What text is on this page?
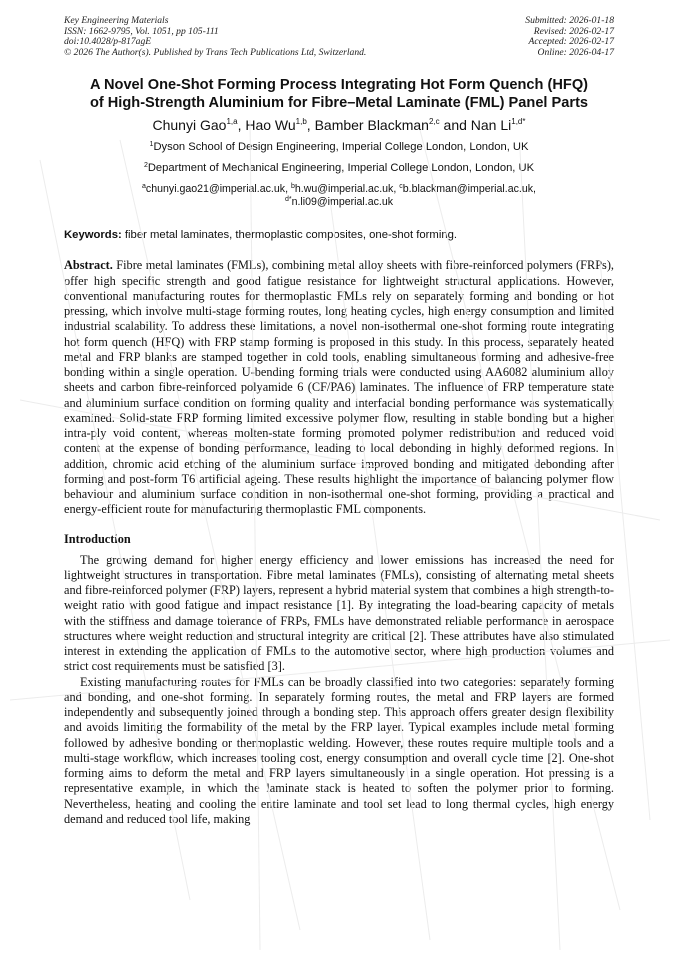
Key Engineering Materials
ISSN: 1662-9795, Vol. 1051, pp 105-111
doi:10.4028/p-817agE
© 2026 The Author(s). Published by Trans Tech Publications Ltd, Switzerland.
Submitted: 2026-01-18
Revised: 2026-02-17
Accepted: 2026-02-17
Online: 2026-04-17
A Novel One-Shot Forming Process Integrating Hot Form Quench (HFQ)
of High-Strength Aluminium for Fibre–Metal Laminate (FML) Panel Parts
Chunyi Gao$^{1,a}$, Hao Wu$^{1,b}$, Bamber Blackman$^{2,c}$ and Nan $Li^{1,d*}$
$^1$Dyson School of Design Engineering, Imperial College London, London, UK
$^2$Department of Mechanical Engineering, Imperial College London, London, UK
$^a$chunyi.gao21@imperial.ac.uk, $^b$h.wu@imperial.ac.uk, $^c$b.blackman@imperial.ac.uk,
$^{d*}$n.li09@imperial.ac.uk
Keywords: fiber metal laminates, thermoplastic composites, one-shot forming.
Abstract. Fibre metal laminates (FMLs), combining metal alloy sheets with fibre-reinforced polymers (FRPs), offer high specific strength and good fatigue resistance for lightweight structural applications. However, conventional manufacturing routes for thermoplastic FMLs rely on separately forming and bonding or hot pressing, which involve multi-stage forming routes, long heating cycles, high energy consumption and limited industrial scalability. To address these limitations, a novel non-isothermal one-shot forming route integrating hot form quench (HFQ) with FRP stamp forming is proposed in this study. In this process, separately heated metal and FRP blanks are stamped together in cold tools, enabling simultaneous forming and adhesive-free bonding within a single operation. U-bending forming trials were conducted using AA6082 aluminium alloy sheets and carbon fibre-reinforced polyamide 6 (CF/PA6) laminates. The influence of FRP temperature state and aluminium surface condition on forming quality and interfacial bonding performance was systematically examined. Solid-state FRP forming limited excessive polymer flow, resulting in stable bonding but a higher intra-ply void content, whereas molten-state forming promoted polymer redistribution and reduced void content at the expense of bonding performance, leading to local debonding in highly deformed regions. In addition, chromic acid etching of the aluminium surface improved bonding and mitigated debonding after forming and post-form T6 artificial ageing. These results highlight the importance of balancing polymer flow behaviour and aluminium surface condition in non-isothermal one-shot forming, providing a practical and energy-efficient route for manufacturing thermoplastic FML components.
Introduction

The growing demand for higher energy efficiency and lower emissions has increased the need for lightweight structures in transportation. Fibre metal laminates (FMLs), consisting of alternating metal sheets and fibre-reinforced polymer (FRP) layers, represent a hybrid material system that combines a high strength-to-weight ratio with good fatigue and impact resistance [1]. By integrating the load-bearing capacity of metals with the stiffness and damage tolerance of FRPs, FMLs have demonstrated reliable performance in aerospace structures where weight reduction and structural integrity are critical [2]. These attributes have also stimulated interest in extending the application of FMLs to the automotive sector, where high production volumes and strict cost requirements must be satisfied [3].

Existing manufacturing routes for FMLs can be broadly classified into two categories: separately forming and bonding, and one-shot forming. In separately forming routes, the metal and FRP layers are formed independently and subsequently joined through a bonding step. This approach offers greater design flexibility and avoids limiting the formability of the metal by the FRP layer. Typical examples include metal forming followed by adhesive bonding or thermoplastic welding. However, these routes require multiple tools and a multi-stage workflow, which increases tooling cost, energy consumption and overall cycle time [2]. One-shot forming aims to deform the metal and FRP layers simultaneously in a single operation. Hot pressing is a representative example, in which the laminate stack is heated to soften the polymer prior to forming. Nevertheless, heating and cooling the entire laminate and tool set lead to long thermal cycles, high energy demand and reduced tool life, making
